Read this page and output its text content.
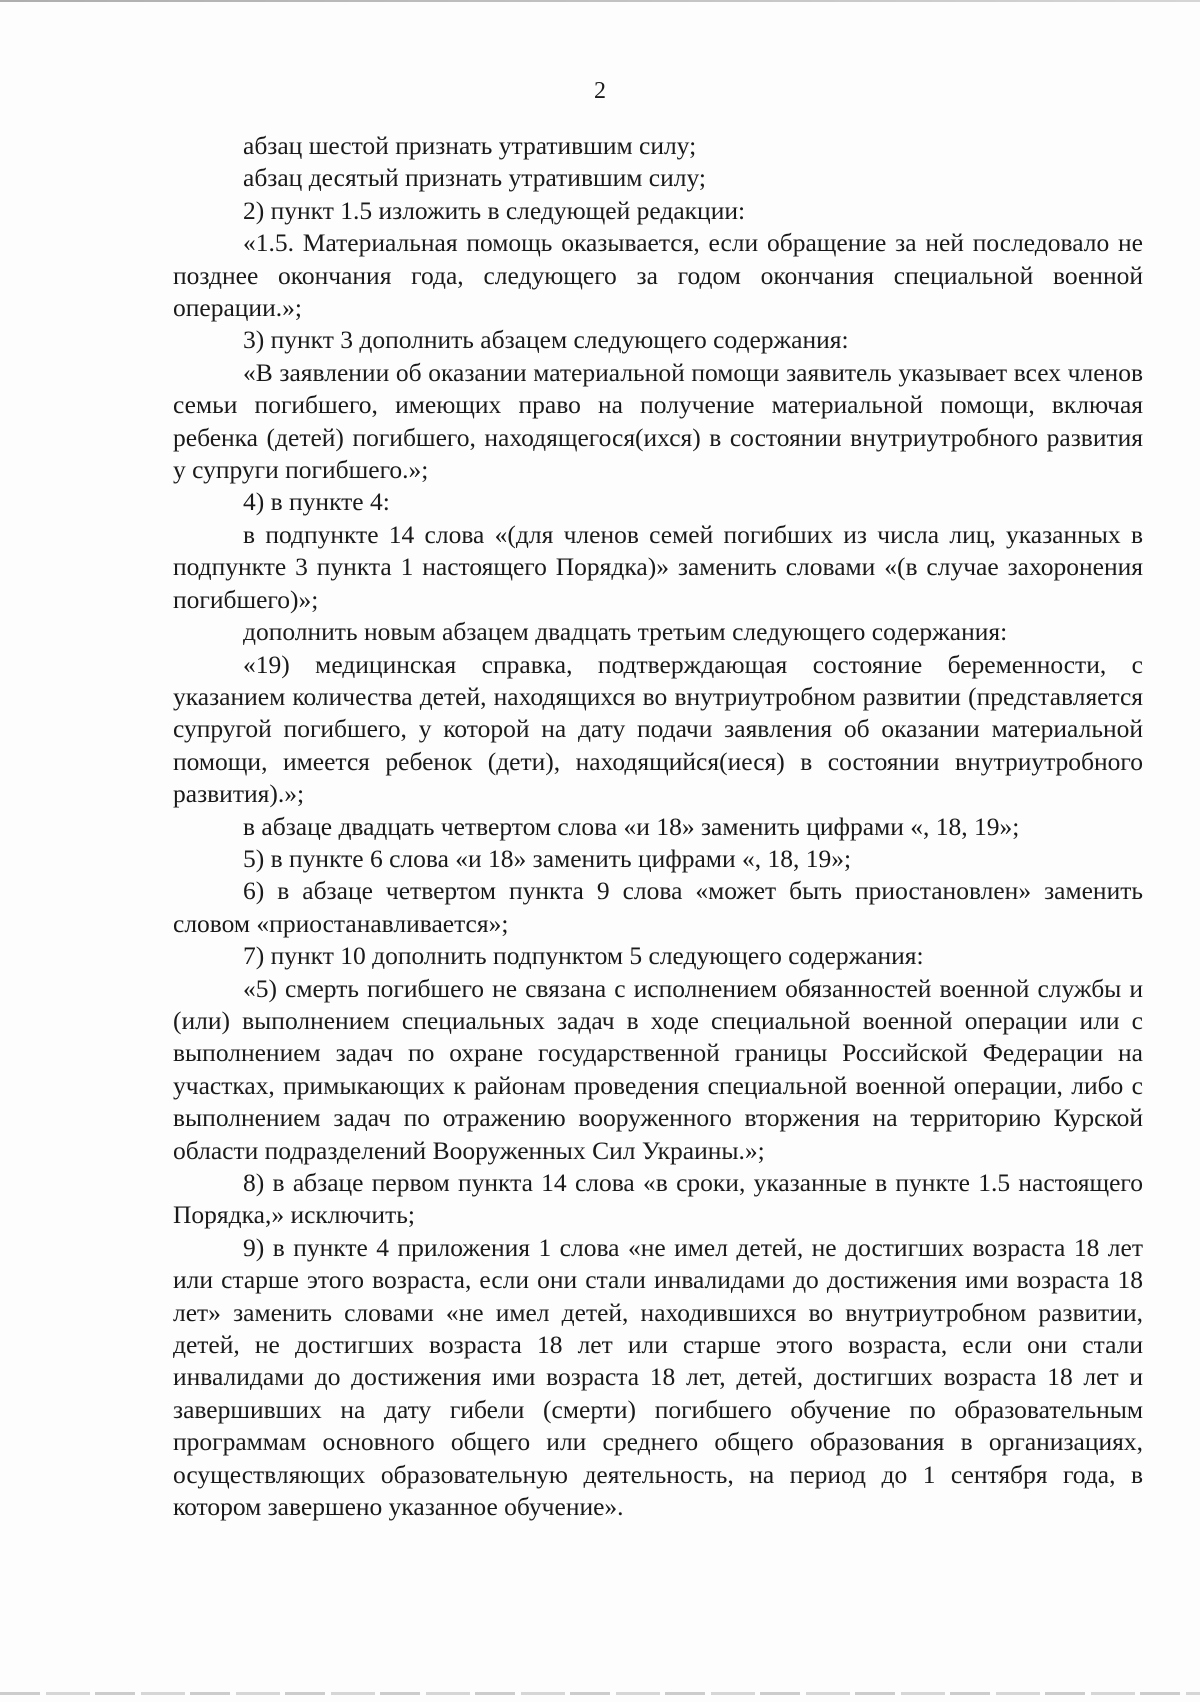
2

абзац шестой признать утратившим силу;

абзац десятый признать утратившим силу;

2) пункт 1.5 изложить в следующей редакции:

«1.5. Материальная помощь оказывается, если обращение за ней последовало не позднее окончания года, следующего за годом окончания специальной военной операции.»;

3) пункт 3 дополнить абзацем следующего содержания:

«В заявлении об оказании материальной помощи заявитель указывает всех членов семьи погибшего, имеющих право на получение материальной помощи, включая ребенка (детей) погибшего, находящегося(ихся) в состоянии внутриутробного развития у супруги погибшего.»;

4) в пункте 4:

в подпункте 14 слова «(для членов семей погибших из числа лиц, указанных в подпункте 3 пункта 1 настоящего Порядка)» заменить словами «(в случае захоронения погибшего)»;

дополнить новым абзацем двадцать третьим следующего содержания:

«19) медицинская справка, подтверждающая состояние беременности, с указанием количества детей, находящихся во внутриутробном развитии (представляется супругой погибшего, у которой на дату подачи заявления об оказании материальной помощи, имеется ребенок (дети), находящийся(иеся) в состоянии внутриутробного развития).»;

в абзаце двадцать четвертом слова «и 18» заменить цифрами «, 18, 19»;

5) в пункте 6 слова «и 18» заменить цифрами «, 18, 19»;

6) в абзаце четвертом пункта 9 слова «может быть приостановлен» заменить словом «приостанавливается»;

7) пункт 10 дополнить подпунктом 5 следующего содержания:

«5) смерть погибшего не связана с исполнением обязанностей военной службы и (или) выполнением специальных задач в ходе специальной военной операции или с выполнением задач по охране государственной границы Российской Федерации на участках, примыкающих к районам проведения специальной военной операции, либо с выполнением задач по отражению вооруженного вторжения на территорию Курской области подразделений Вооруженных Сил Украины.»;

8) в абзаце первом пункта 14 слова «в сроки, указанные в пункте 1.5 настоящего Порядка,» исключить;

9) в пункте 4 приложения 1 слова «не имел детей, не достигших возраста 18 лет или старше этого возраста, если они стали инвалидами до достижения ими возраста 18 лет» заменить словами «не имел детей, находившихся во внутриутробном развитии, детей, не достигших возраста 18 лет или старше этого возраста, если они стали инвалидами до достижения ими возраста 18 лет, детей, достигших возраста 18 лет и завершивших на дату гибели (смерти) погибшего обучение по образовательным программам основного общего или среднего общего образования в организациях, осуществляющих образовательную деятельность, на период до 1 сентября года, в котором завершено указанное обучение».
